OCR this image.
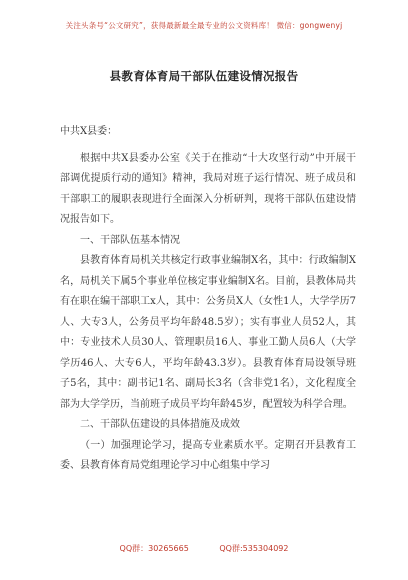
关注头条号“公文研究”，获得最新最全最专业的公文资料库！ 微信：gongwenyj
县教育体育局干部队伍建设情况报告

中共X县委：

根据中共X县委办公室《关于在推动“十大攻坚行动”中开展干部调优提质行动的通知》精神，我局对班子运行情况、班子成员和干部职工的履职表现进行全面深入分析研判，现将干部队伍建设情况报告如下。

一、干部队伍基本情况

县教育体育局机关共核定行政事业编制X名，其中：行政编制X名，局机关下属5个事业单位核定事业编制X名。目前，县教体局共有在职在编干部职工x人，其中：公务员X人（女性1人，大学学历7人、大专3人，公务员平均年龄48.5岁）；实有事业人员52人，其中：专业技术人员30人、管理职员16人、事业工勤人员6人（大学学历46人、大专6人，平均年龄43.3岁）。县教育体育局设领导班子5名，其中：副书记1名、副局长3名（含非党1名），文化程度全部为大学学历，当前班子成员平均年龄45岁，配置较为科学合理。

二、干部队伍建设的具体措施及成效

（一）加强理论学习，提高专业素质水平。定期召开县教育工委、县教育体育局党组理论学习中心组集中学习

QQ群：30265665	QQ群:535304092
